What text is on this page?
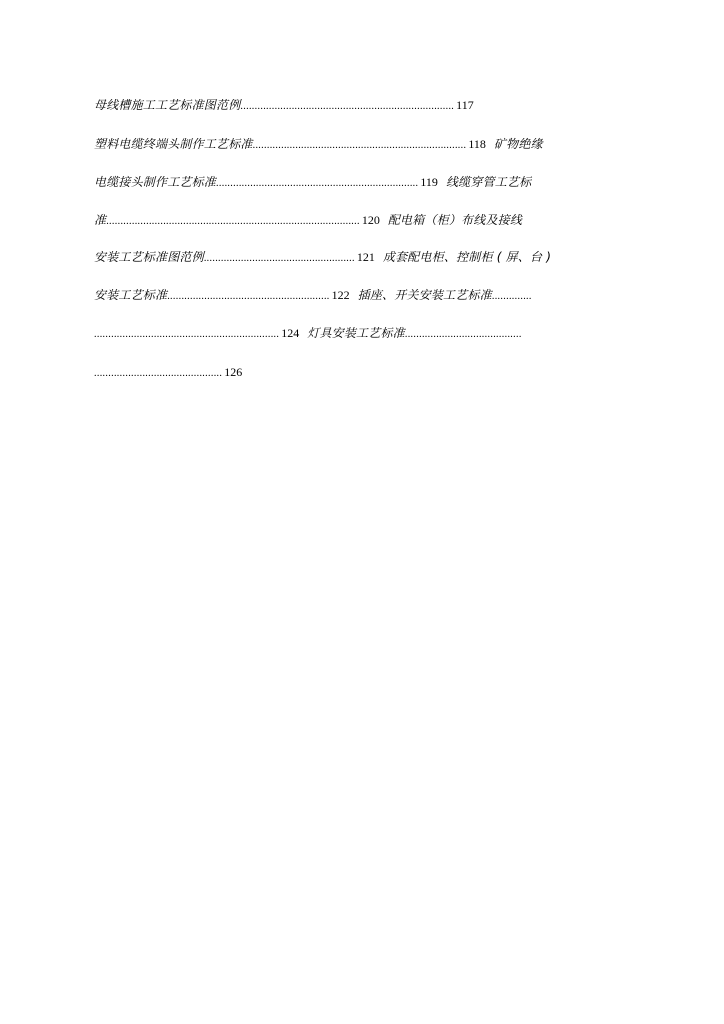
母线槽施工工艺标准图范例........................................................................... 117
塑料电缆终端头制作工艺标准........................................................................... 118 矿物绝缘
电缆接头制作工艺标准....................................................................... 119 线缆穿管工艺标
准......................................................................................... 120 配电箱（柜）布线及接线
安装工艺标准图范例..................................................... 121 成套配电柜、控制柜 ( 屏、台 )
安装工艺标准......................................................... 122 插座、开关安装工艺标准..............
................................................................. 124 灯具安装工艺标准.........................................
............................................. 126
